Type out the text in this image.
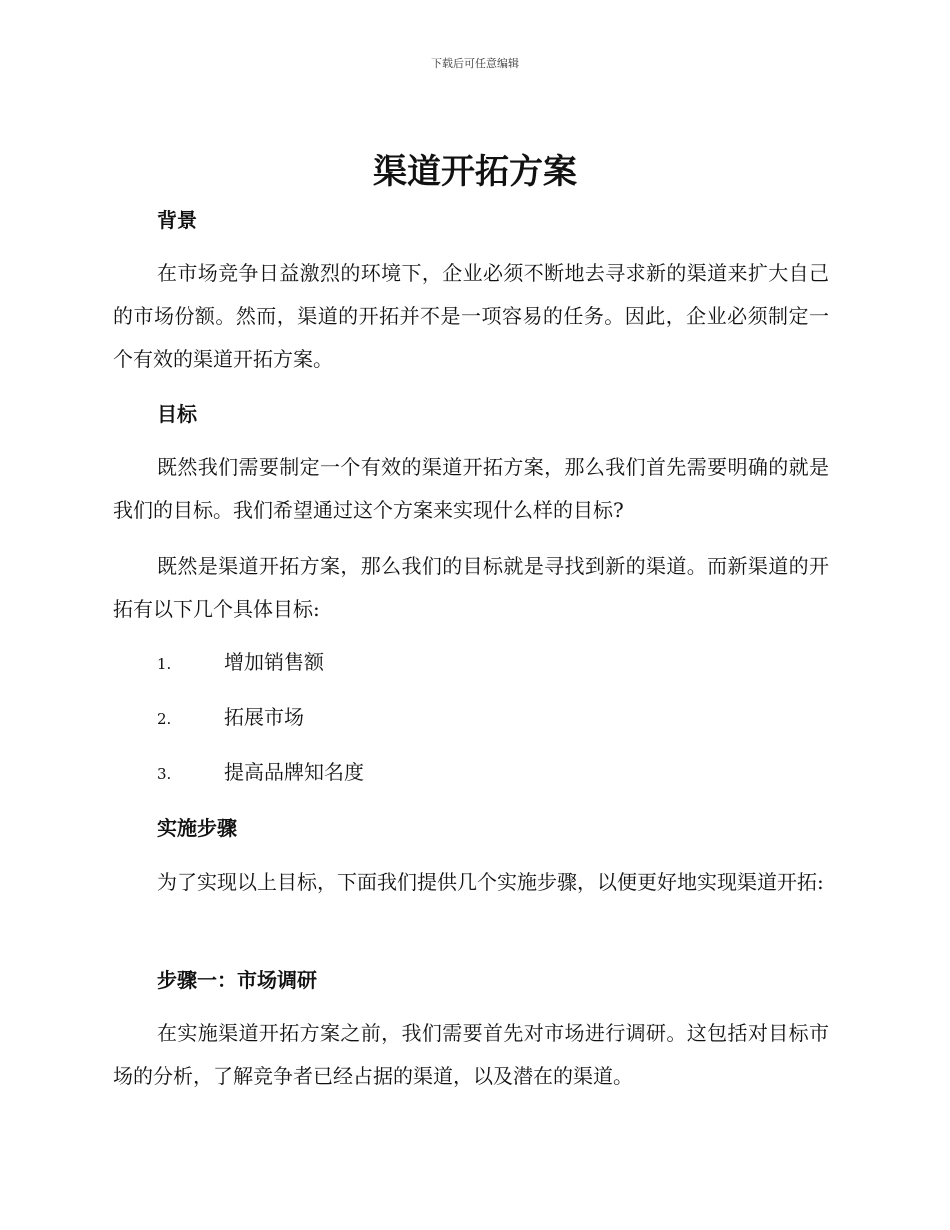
下载后可任意编辑
渠道开拓方案
背景
在市场竞争日益激烈的环境下，企业必须不断地去寻求新的渠道来扩大自己的市场份额。然而，渠道的开拓并不是一项容易的任务。因此，企业必须制定一个有效的渠道开拓方案。
目标
既然我们需要制定一个有效的渠道开拓方案，那么我们首先需要明确的就是我们的目标。我们希望通过这个方案来实现什么样的目标?
既然是渠道开拓方案，那么我们的目标就是寻找到新的渠道。而新渠道的开拓有以下几个具体目标:
1.	增加销售额
2.	拓展市场
3.	提高品牌知名度
实施步骤
为了实现以上目标，下面我们提供几个实施步骤，以便更好地实现渠道开拓:
步骤一：市场调研
在实施渠道开拓方案之前，我们需要首先对市场进行调研。这包括对目标市场的分析，了解竞争者已经占据的渠道，以及潜在的渠道。
